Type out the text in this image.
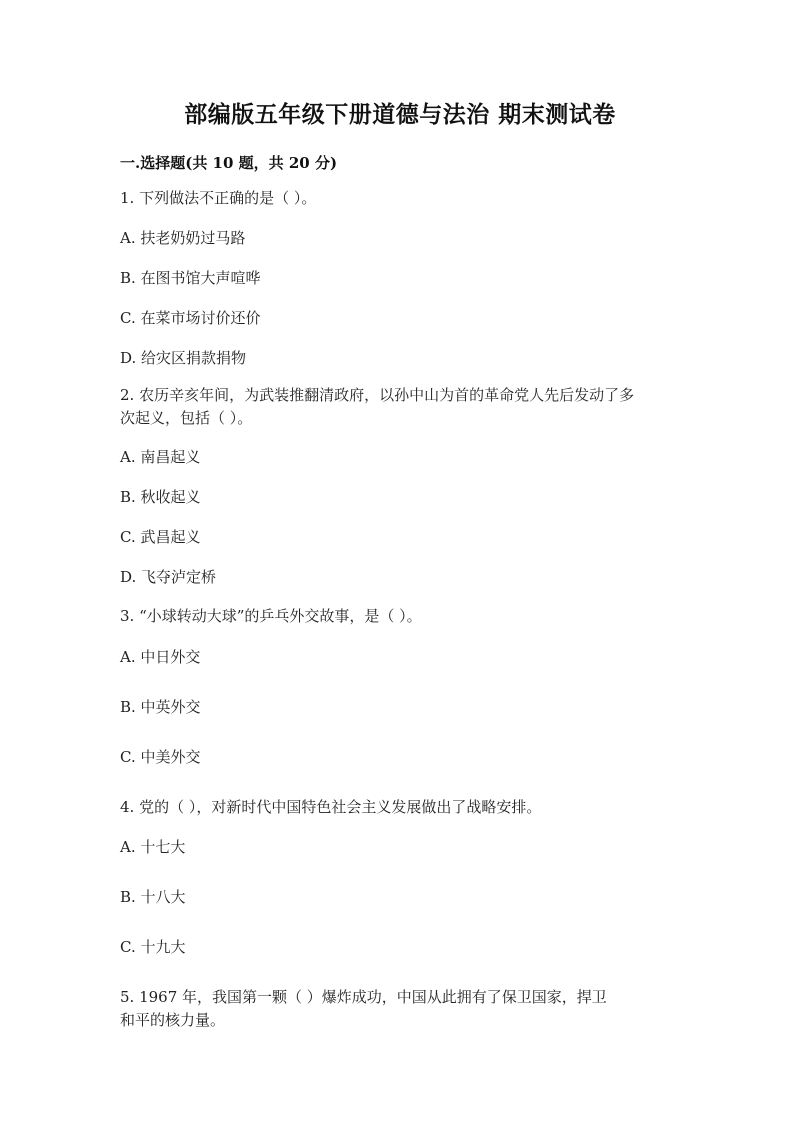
部编版五年级下册道德与法治 期末测试卷
一.选择题(共 10 题，共 20 分)
1. 下列做法不正确的是（ ）。
A. 扶老奶奶过马路
B. 在图书馆大声喧哗
C. 在菜市场讨价还价
D. 给灾区捐款捐物
2. 农历辛亥年间，为武装推翻清政府，以孙中山为首的革命党人先后发动了多
次起义，包括（ ）。
A. 南昌起义
B. 秋收起义
C. 武昌起义
D. 飞夺泸定桥
3. “小球转动大球”的乒乓外交故事，是（ ）。
A. 中日外交
B. 中英外交
C. 中美外交
4. 党的（ ），对新时代中国特色社会主义发展做出了战略安排。
A. 十七大
B. 十八大
C. 十九大
5. 1967 年，我国第一颗（ ）爆炸成功，中国从此拥有了保卫国家，捍卫
和平的核力量。
